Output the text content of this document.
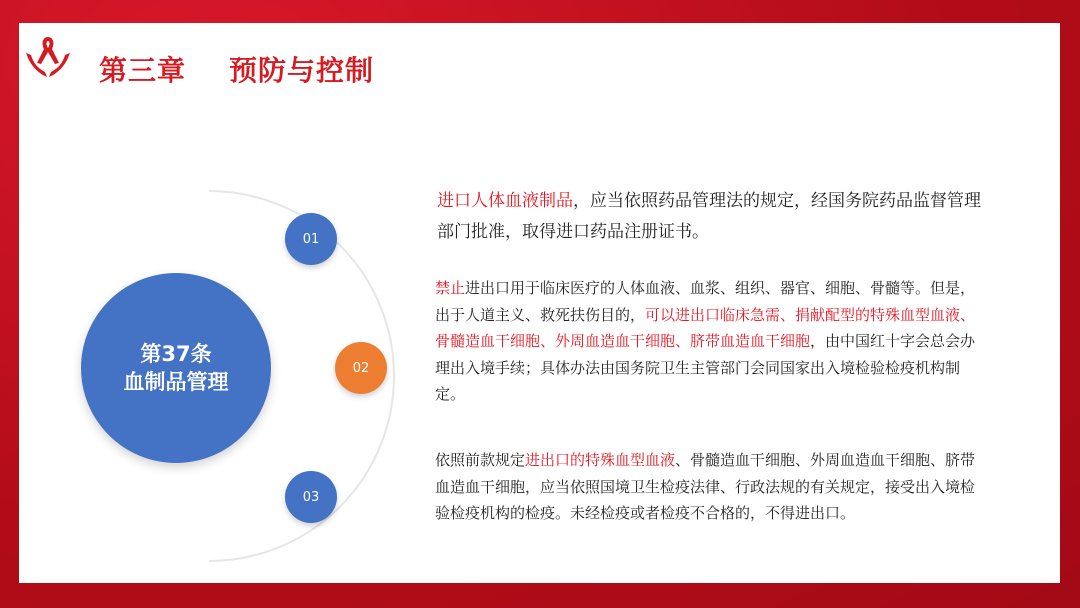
第三章    预防与控制
第37条
血制品管理
01
02
03
进口人体血液制品，应当依照药品管理法的规定，经国务院药品监督管理部门批准，取得进口药品注册证书。
禁止进出口用于临床医疗的人体血液、血浆、组织、器官、细胞、骨髓等。但是，出于人道主义、救死扶伤目的，可以进出口临床急需、捐献配型的特殊血型血液、骨髓造血干细胞、外周血造血干细胞、脐带血造血干细胞，由中国红十字会总会办理出入境手续；具体办法由国务院卫生主管部门会同国家出入境检验检疫机构制定。
依照前款规定进出口的特殊血型血液、骨髓造血干细胞、外周血造血干细胞、脐带血造血干细胞，应当依照国境卫生检疫法律、行政法规的有关规定，接受出入境检验检疫机构的检疫。未经检疫或者检疫不合格的，不得进出口。
